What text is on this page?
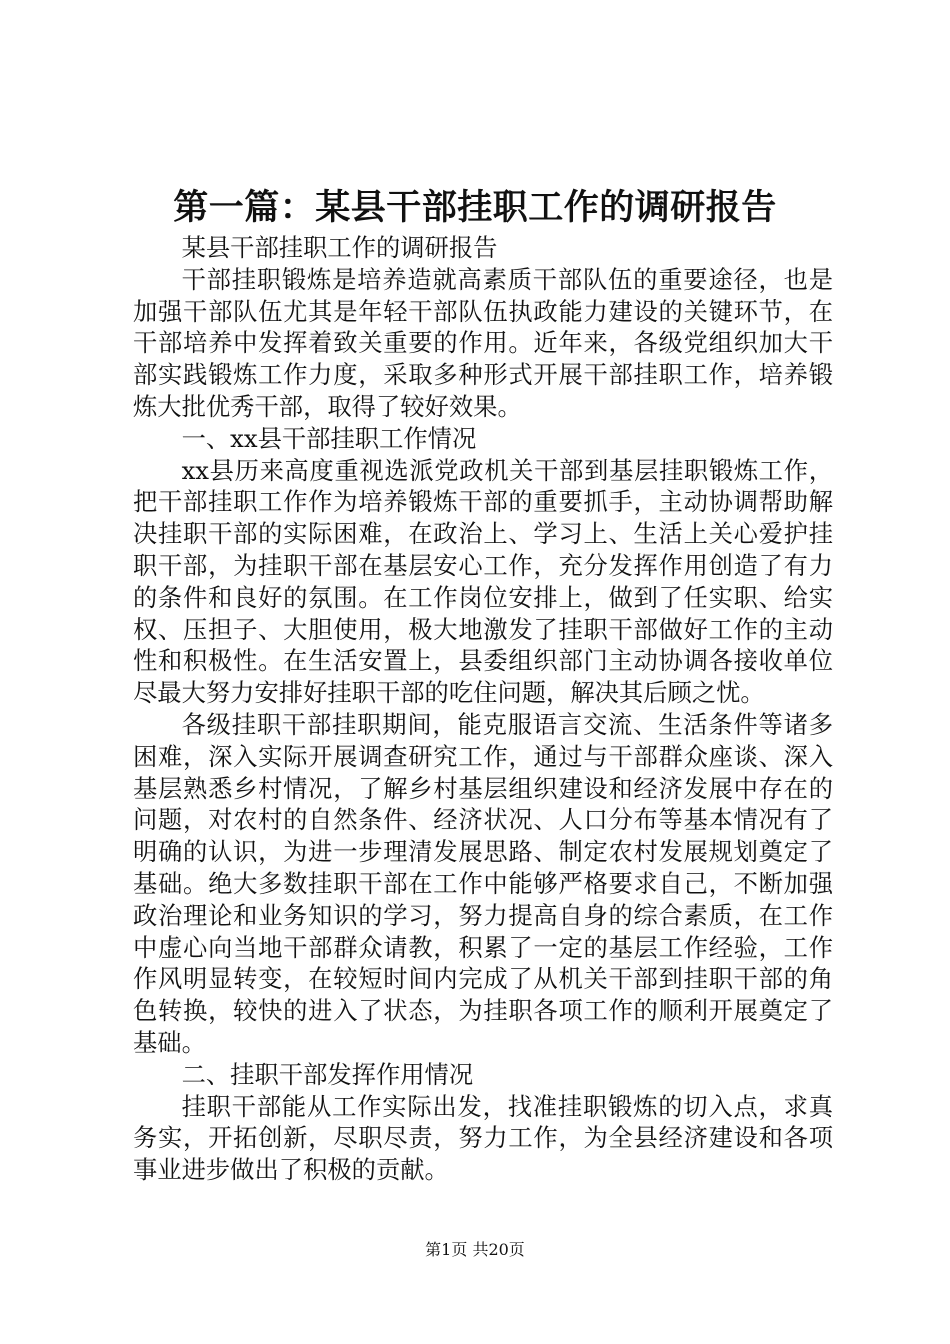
第一篇：某县干部挂职工作的调研报告

某县干部挂职工作的调研报告

干部挂职锻炼是培养造就高素质干部队伍的重要途径，也是加强干部队伍尤其是年轻干部队伍执政能力建设的关键环节，在干部培养中发挥着致关重要的作用。近年来，各级党组织加大干部实践锻炼工作力度，采取多种形式开展干部挂职工作，培养锻炼大批优秀干部，取得了较好效果。

一、xx县干部挂职工作情况

xx县历来高度重视选派党政机关干部到基层挂职锻炼工作，把干部挂职工作作为培养锻炼干部的重要抓手，主动协调帮助解决挂职干部的实际困难，在政治上、学习上、生活上关心爱护挂职干部，为挂职干部在基层安心工作，充分发挥作用创造了有力的条件和良好的氛围。在工作岗位安排上，做到了任实职、给实权、压担子、大胆使用，极大地激发了挂职干部做好工作的主动性和积极性。在生活安置上，县委组织部门主动协调各接收单位尽最大努力安排好挂职干部的吃住问题，解决其后顾之忧。

各级挂职干部挂职期间，能克服语言交流、生活条件等诸多困难，深入实际开展调查研究工作，通过与干部群众座谈、深入基层熟悉乡村情况，了解乡村基层组织建设和经济发展中存在的问题，对农村的自然条件、经济状况、人口分布等基本情况有了明确的认识，为进一步理清发展思路、制定农村发展规划奠定了基础。绝大多数挂职干部在工作中能够严格要求自己，不断加强政治理论和业务知识的学习，努力提高自身的综合素质，在工作中虚心向当地干部群众请教，积累了一定的基层工作经验，工作作风明显转变，在较短时间内完成了从机关干部到挂职干部的角色转换，较快的进入了状态，为挂职各项工作的顺利开展奠定了基础。

二、挂职干部发挥作用情况

挂职干部能从工作实际出发，找准挂职锻炼的切入点，求真务实，开拓创新，尽职尽责，努力工作，为全县经济建设和各项事业进步做出了积极的贡献。

第1页 共20页
